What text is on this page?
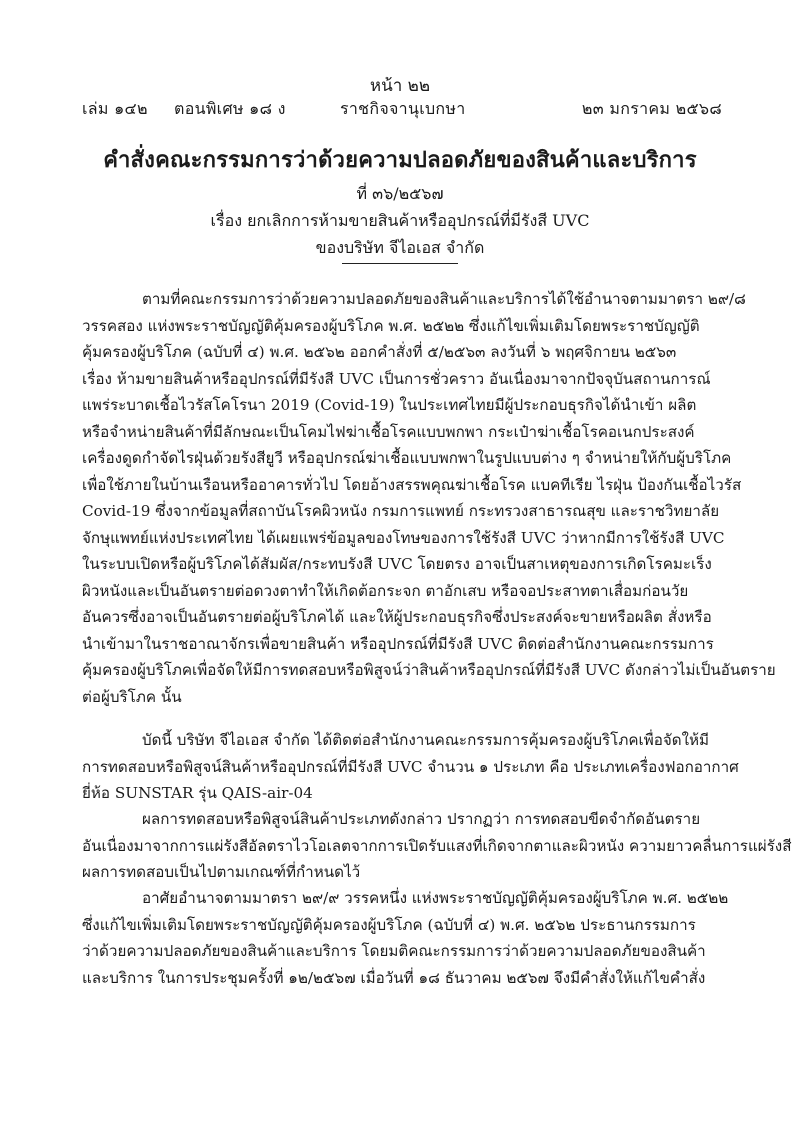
หน้า ๒๒
เล่ม ๑๔๒ ตอนพิเศษ ๑๘ ง	ราชกิจจานุเบกษา	๒๓ มกราคม ๒๕๖๘
คำสั่งคณะกรรมการว่าด้วยความปลอดภัยของสินค้าและบริการ
ที่ ๓๖/๒๕๖๗
เรื่อง ยกเลิกการห้ามขายสินค้าหรืออุปกรณ์ที่มีรังสี UVC
ของบริษัท จีไอเอส จำกัด
ตามที่คณะกรรมการว่าด้วยความปลอดภัยของสินค้าและบริการได้ใช้อำนาจตามมาตรา ๒๙/๘
วรรคสอง แห่งพระราชบัญญัติคุ้มครองผู้บริโภค พ.ศ. ๒๕๒๒ ซึ่งแก้ไขเพิ่มเติมโดยพระราชบัญญัติ
คุ้มครองผู้บริโภค (ฉบับที่ ๔) พ.ศ. ๒๕๖๒ ออกคำสั่งที่ ๕/๒๕๖๓ ลงวันที่ ๖ พฤศจิกายน ๒๕๖๓
เรื่อง ห้ามขายสินค้าหรืออุปกรณ์ที่มีรังสี UVC เป็นการชั่วคราว อันเนื่องมาจากปัจจุบันสถานการณ์
แพร่ระบาดเชื้อไวรัสโคโรนา 2019 (Covid-19) ในประเทศไทยมีผู้ประกอบธุรกิจได้นำเข้า ผลิต
หรือจำหน่ายสินค้าที่มีลักษณะเป็นโคมไฟฆ่าเชื้อโรคแบบพกพา กระเป๋าฆ่าเชื้อโรคอเนกประสงค์
เครื่องดูดกำจัดไรฝุ่นด้วยรังสียูวี หรืออุปกรณ์ฆ่าเชื้อแบบพกพาในรูปแบบต่าง ๆ จำหน่ายให้กับผู้บริโภค
เพื่อใช้ภายในบ้านเรือนหรืออาคารทั่วไป โดยอ้างสรรพคุณฆ่าเชื้อโรค แบคทีเรีย ไรฝุ่น ป้องกันเชื้อไวรัส
Covid-19 ซึ่งจากข้อมูลที่สถาบันโรคผิวหนัง กรมการแพทย์ กระทรวงสาธารณสุข และราชวิทยาลัย
จักษุแพทย์แห่งประเทศไทย ได้เผยแพร่ข้อมูลของโทษของการใช้รังสี UVC ว่าหากมีการใช้รังสี UVC
ในระบบเปิดหรือผู้บริโภคได้สัมผัส/กระทบรังสี UVC โดยตรง อาจเป็นสาเหตุของการเกิดโรคมะเร็ง
ผิวหนังและเป็นอันตรายต่อดวงตาทำให้เกิดต้อกระจก ตาอักเสบ หรือจอประสาทตาเสื่อมก่อนวัย
อันควรซึ่งอาจเป็นอันตรายต่อผู้บริโภคได้ และให้ผู้ประกอบธุรกิจซึ่งประสงค์จะขายหรือผลิต สั่งหรือ
นำเข้ามาในราชอาณาจักรเพื่อขายสินค้า หรืออุปกรณ์ที่มีรังสี UVC ติดต่อสำนักงานคณะกรรมการ
คุ้มครองผู้บริโภคเพื่อจัดให้มีการทดสอบหรือพิสูจน์ว่าสินค้าหรืออุปกรณ์ที่มีรังสี UVC ดังกล่าวไม่เป็นอันตราย
ต่อผู้บริโภค นั้น
บัดนี้ บริษัท จีไอเอส จำกัด ได้ติดต่อสำนักงานคณะกรรมการคุ้มครองผู้บริโภคเพื่อจัดให้มี
การทดสอบหรือพิสูจน์สินค้าหรืออุปกรณ์ที่มีรังสี UVC จำนวน ๑ ประเภท คือ ประเภทเครื่องฟอกอากาศ
ยี่ห้อ SUNSTAR รุ่น QAIS-air-04
ผลการทดสอบหรือพิสูจน์สินค้าประเภทดังกล่าว ปรากฏว่า การทดสอบขีดจำกัดอันตราย
อันเนื่องมาจากการแผ่รังสีอัลตราไวโอเลตจากการเปิดรับแสงที่เกิดจากตาและผิวหนัง ความยาวคลื่นการแผ่รังสี
ผลการทดสอบเป็นไปตามเกณฑ์ที่กำหนดไว้
อาศัยอำนาจตามมาตรา ๒๙/๙ วรรคหนึ่ง แห่งพระราชบัญญัติคุ้มครองผู้บริโภค พ.ศ. ๒๕๒๒
ซึ่งแก้ไขเพิ่มเติมโดยพระราชบัญญัติคุ้มครองผู้บริโภค (ฉบับที่ ๔) พ.ศ. ๒๕๖๒ ประธานกรรมการ
ว่าด้วยความปลอดภัยของสินค้าและบริการ โดยมติคณะกรรมการว่าด้วยความปลอดภัยของสินค้า
และบริการ ในการประชุมครั้งที่ ๑๒/๒๕๖๗ เมื่อวันที่ ๑๘ ธันวาคม ๒๕๖๗ จึงมีคำสั่งให้แก้ไขคำสั่ง
